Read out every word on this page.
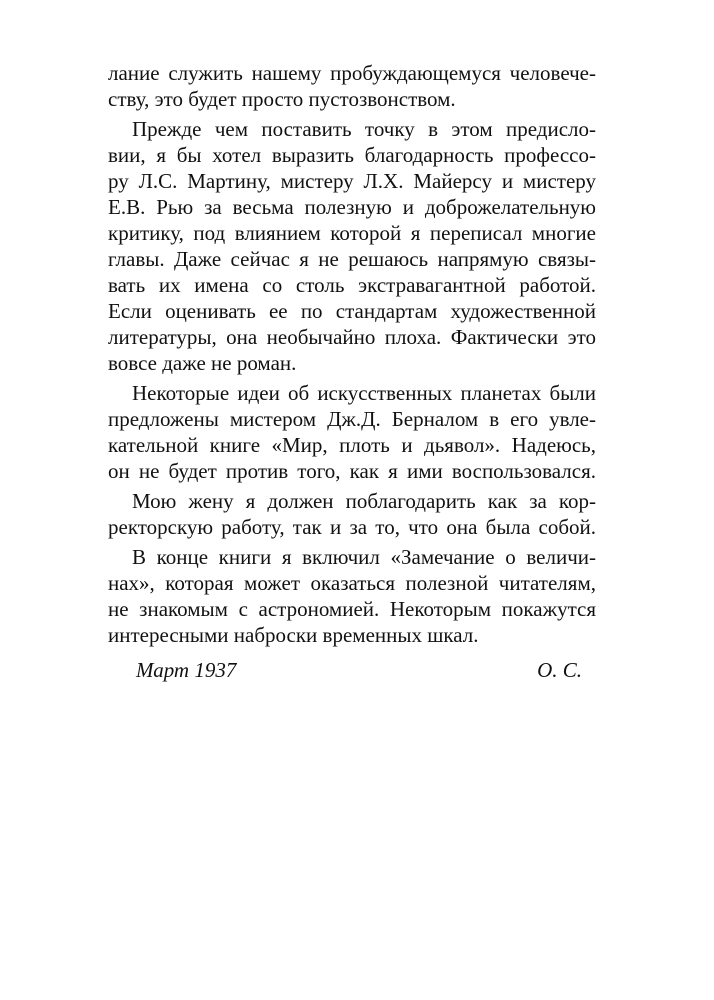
лание служить нашему пробуждающемуся человече-
ству, это будет просто пустозвонством.
Прежде чем поставить точку в этом предисло-
вии, я бы хотел выразить благодарность профессо-
ру Л.С. Мартину, мистеру Л.Х. Майерсу и мистеру
Е.В. Рью за весьма полезную и доброжелательную
критику, под влиянием которой я переписал многие
главы. Даже сейчас я не решаюсь напрямую связы-
вать их имена со столь экстравагантной работой.
Если оценивать ее по стандартам художественной
литературы, она необычайно плоха. Фактически это
вовсе даже не роман.
Некоторые идеи об искусственных планетах были
предложены мистером Дж.Д. Берналом в его увле-
кательной книге «Мир, плоть и дьявол». Надеюсь,
он не будет против того, как я ими воспользовался.
Мою жену я должен поблагодарить как за кор-
ректорскую работу, так и за то, что она была собой.
В конце книги я включил «Замечание о величи-
нах», которая может оказаться полезной читателям,
не знакомым с астрономией. Некоторым покажутся
интересными наброски временных шкал.
Март 1937	О. С.
